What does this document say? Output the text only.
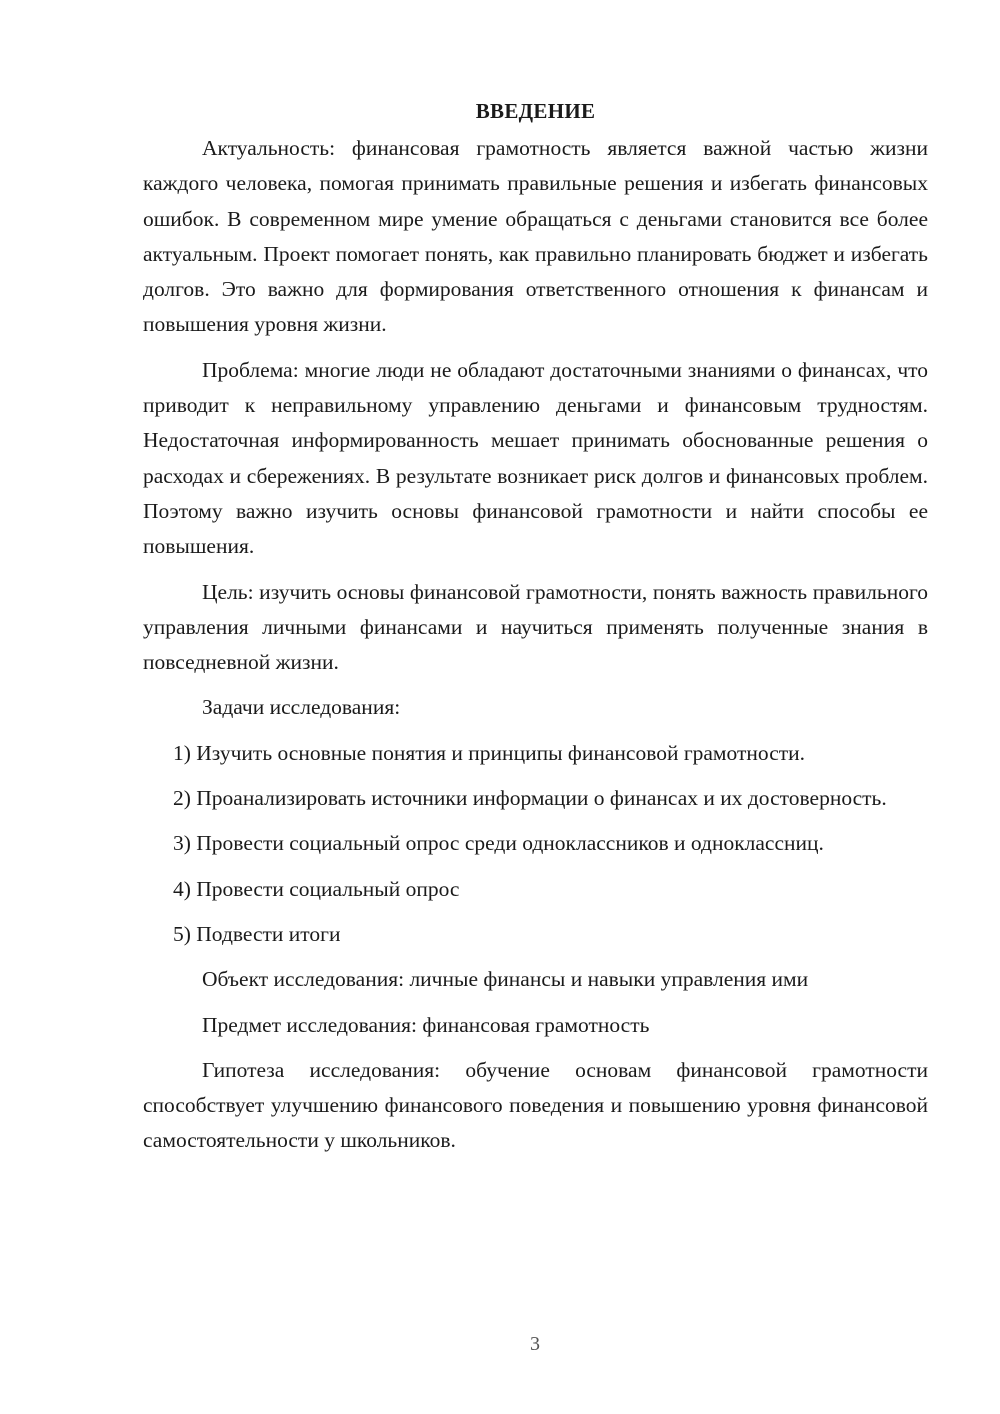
ВВЕДЕНИЕ

Актуальность: финансовая грамотность является важной частью жизни каждого человека, помогая принимать правильные решения и избегать финансовых ошибок. В современном мире умение обращаться с деньгами становится все более актуальным. Проект помогает понять, как правильно планировать бюджет и избегать долгов. Это важно для формирования ответственного отношения к финансам и повышения уровня жизни.

Проблема: многие люди не обладают достаточными знаниями о финансах, что приводит к неправильному управлению деньгами и финансовым трудностям. Недостаточная информированность мешает принимать обоснованные решения о расходах и сбережениях. В результате возникает риск долгов и финансовых проблем. Поэтому важно изучить основы финансовой грамотности и найти способы ее повышения.

Цель: изучить основы финансовой грамотности, понять важность правильного управления личными финансами и научиться применять полученные знания в повседневной жизни.

Задачи исследования:

1) Изучить основные понятия и принципы финансовой грамотности.

2) Проанализировать источники информации о финансах и их достоверность.

3) Провести социальный опрос среди одноклассников и одноклассниц.

4) Провести социальный опрос

5) Подвести итоги

Объект исследования: личные финансы и навыки управления ими

Предмет исследования: финансовая грамотность

Гипотеза исследования: обучение основам финансовой грамотности способствует улучшению финансового поведения и повышению уровня финансовой самостоятельности у школьников.

3
